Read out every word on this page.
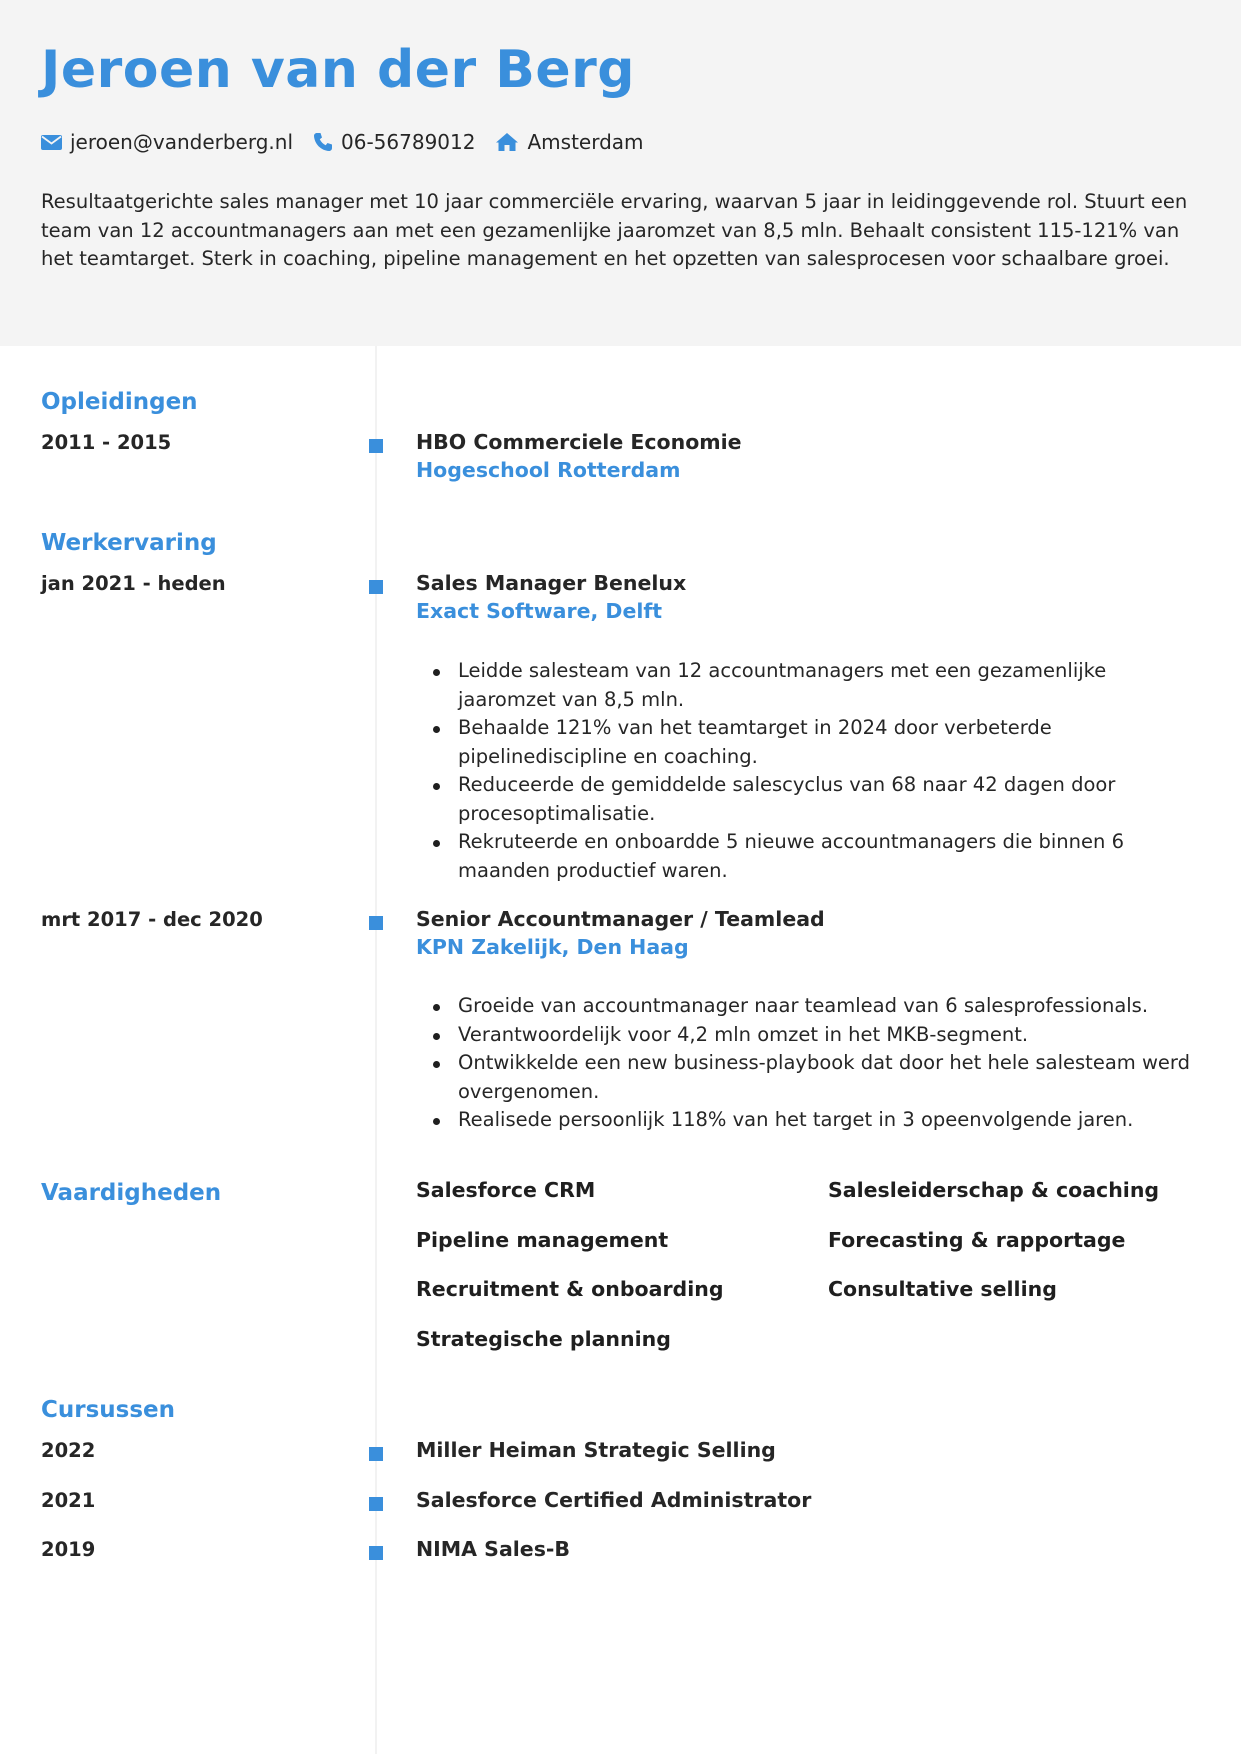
Jeroen van der Berg
jeroen@vanderberg.nl 06-56789012	Amsterdam
Resultaatgerichte sales manager met 10 jaar commerciële ervaring, waarvan 5 jaar in leidinggevende rol. Stuurt een team van 12 accountmanagers aan met een gezamenlijke jaaromzet van 8,5 mln. Behaalt consistent 115-121% van het teamtarget. Sterk in coaching, pipeline management en het opzetten van salesprocesen voor schaalbare groei.
Opleidingen
2011 - 2015	HBO Commerciele Economie
Hogeschool Rotterdam
Werkervaring
jan 2021 - heden	Sales Manager Benelux
Exact Software, Delft
Leidde salesteam van 12 accountmanagers met een gezamenlijke jaaromzet van 8,5 mln.
Behaalde 121% van het teamtarget in 2024 door verbeterde pipelinediscipline en coaching.
Reduceerde de gemiddelde salescyclus van 68 naar 42 dagen door procesoptimalisatie.
Rekruteerde en onboardde 5 nieuwe accountmanagers die binnen 6 maanden productief waren.
mrt 2017 - dec 2020	Senior Accountmanager / Teamlead
KPN Zakelijk, Den Haag
Groeide van accountmanager naar teamlead van 6 salesprofessionals.
Verantwoordelijk voor 4,2 mln omzet in het MKB-segment.
Ontwikkelde een new business-playbook dat door het hele salesteam werd overgenomen.
Realisede persoonlijk 118% van het target in 3 opeenvolgende jaren.
Vaardigheden	Salesforce CRM	Salesleiderschap & coaching
Pipeline management	Forecasting & rapportage
Recruitment & onboarding	Consultative selling
Strategische planning
Cursussen
2022	Miller Heiman Strategic Selling
2021	Salesforce Certified Administrator
2019	NIMA Sales-B
